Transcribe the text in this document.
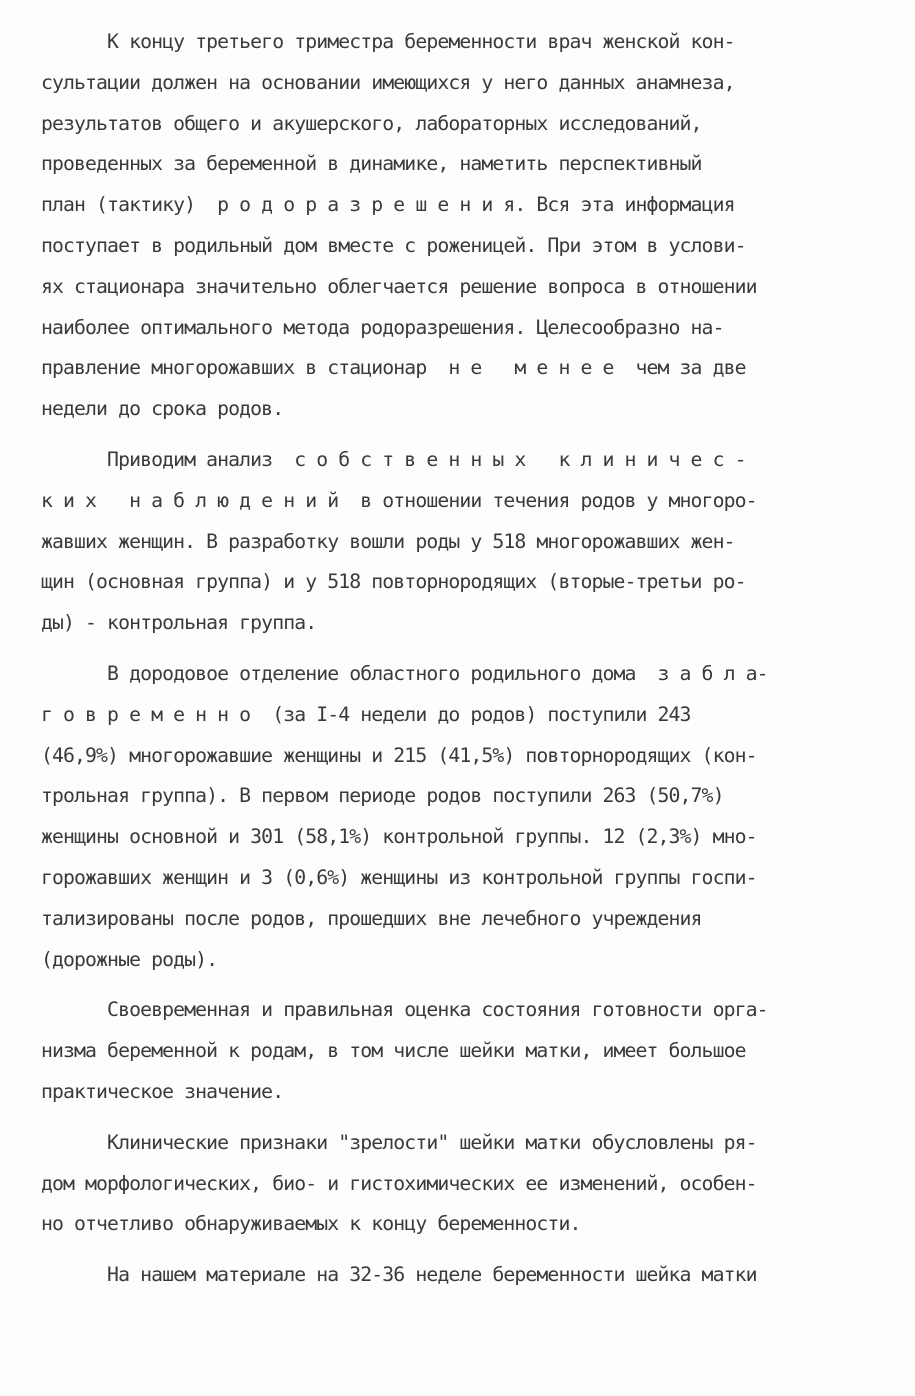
К концу третьего триместра беременности врач женской кон-
сультации должен на основании имеющихся у него данных анамнеза,
результатов общего и акушерского, лабораторных исследований,
проведенных за беременной в динамике, наметить перспективный
план (тактику)  р о д о р а з р е ш е н и я. Вся эта информация
поступает в родильный дом вместе с роженицей. При этом в услови-
ях стационара значительно облегчается решение вопроса в отношении
наиболее оптимального метода родоразрешения. Целесообразно на-
правление многорожавших в стационар  н е   м е н е е  чем за две
недели до срока родов.
Приводим анализ  с о б с т в е н н ы х   к л и н и ч е с -
к и х   н а б л ю д е н и й  в отношении течения родов у многоро-
жавших женщин. В разработку вошли роды у 518 многорожавших жен-
щин (основная группа) и у 518 повторнородящих (вторые-третьи ро-
ды) - контрольная группа.
В дородовое отделение областного родильного дома  з а б л а-
г о в р е м е н н о  (за I-4 недели до родов) поступили 243
(46,9%) многорожавшие женщины и 215 (41,5%) повторнородящих (кон-
трольная группа). В первом периоде родов поступили 263 (50,7%)
женщины основной и 301 (58,1%) контрольной группы. 12 (2,3%) мно-
горожавших женщин и 3 (0,6%) женщины из контрольной группы госпи-
тализированы после родов, прошедших вне лечебного учреждения
(дорожные роды).
Своевременная и правильная оценка состояния готовности орга-
низма беременной к родам, в том числе шейки матки, имеет большое
практическое значение.
Клинические признаки "зрелости" шейки матки обусловлены ря-
дом морфологических, био- и гистохимических ее изменений, особен-
но отчетливо обнаруживаемых к концу беременности.
На нашем материале на 32-36 неделе беременности шейка матки
